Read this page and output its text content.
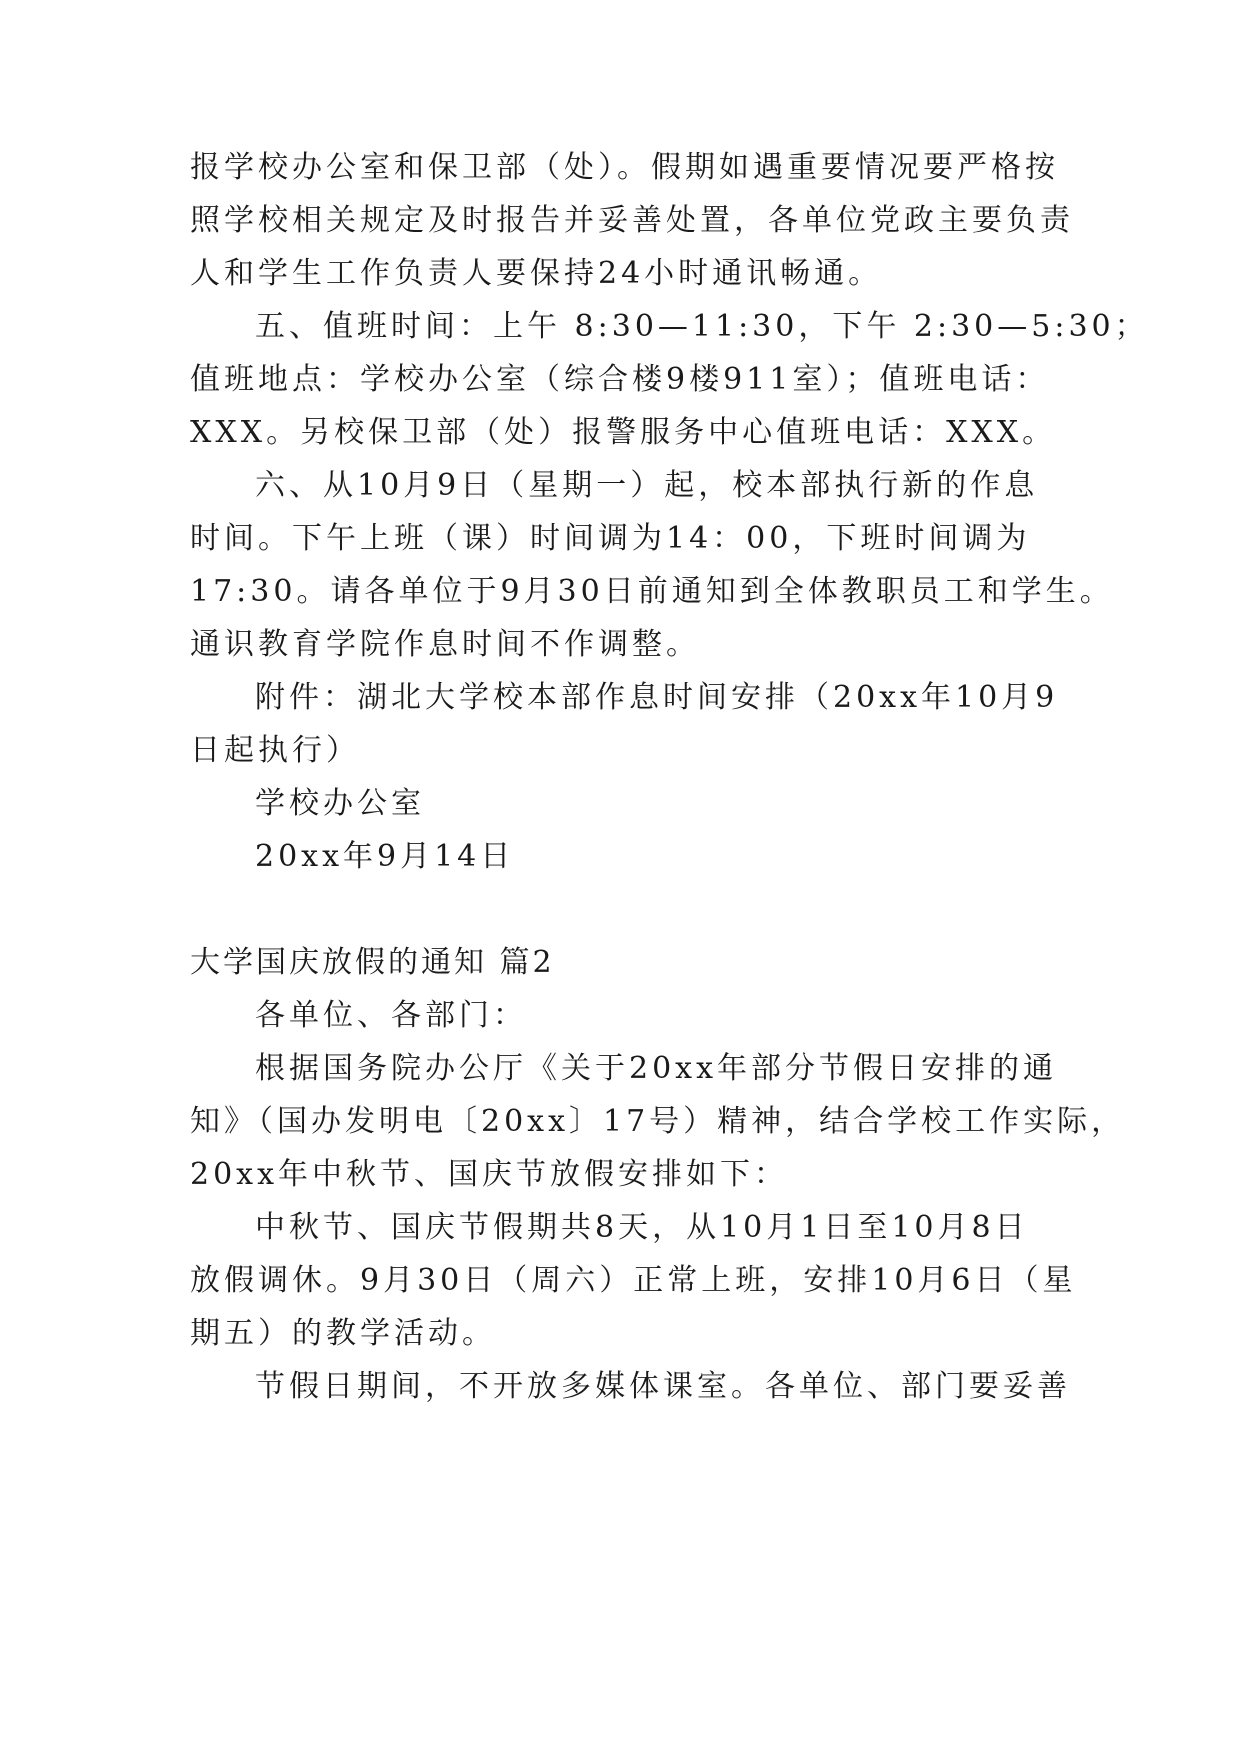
报学校办公室和保卫部（处）。假期如遇重要情况要严格按
照学校相关规定及时报告并妥善处置，各单位党政主要负责
人和学生工作负责人要保持24小时通讯畅通。
五、值班时间：上午 8:30—11:30，下午 2:30—5:30；
值班地点：学校办公室（综合楼9楼911室）；值班电话：
XXX。另校保卫部（处）报警服务中心值班电话：XXX。
六、从10月9日（星期一）起，校本部执行新的作息
时间。下午上班（课）时间调为14：00，下班时间调为
17:30。请各单位于9月30日前通知到全体教职员工和学生。
通识教育学院作息时间不作调整。
附件：湖北大学校本部作息时间安排（20xx年10月9
日起执行）
学校办公室
20xx年9月14日
大学国庆放假的通知 篇2
各单位、各部门：
根据国务院办公厅《关于20xx年部分节假日安排的通
知》（国办发明电〔20xx〕17号）精神，结合学校工作实际，
20xx年中秋节、国庆节放假安排如下：
中秋节、国庆节假期共8天，从10月1日至10月8日
放假调休。9月30日（周六）正常上班，安排10月6日（星
期五）的教学活动。
节假日期间，不开放多媒体课室。各单位、部门要妥善
